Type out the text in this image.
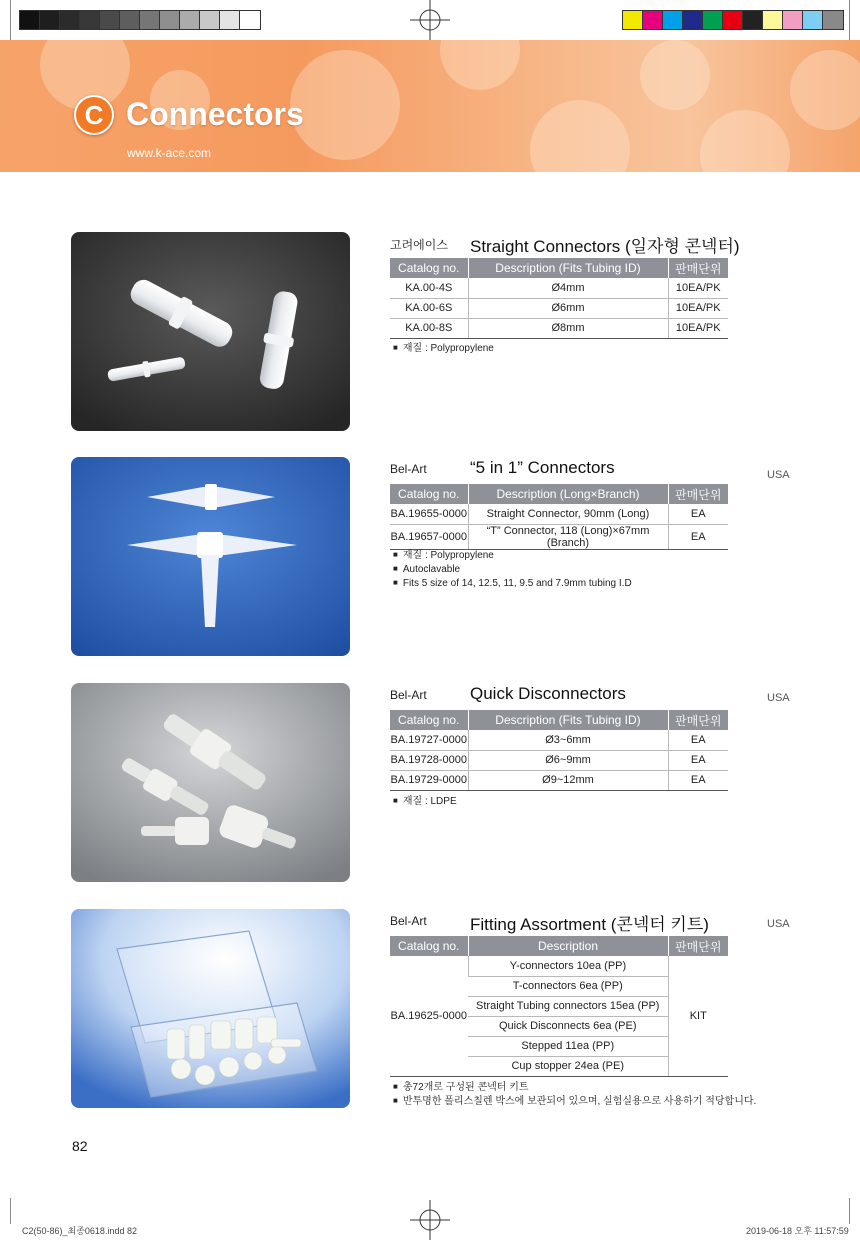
C Connectors
www.k-ace.com
고려에이스 Straight Connectors (일자형 콘넥터)
Catalog no.	Description (Fits Tubing ID)	판매단위
KA.00-4S	Ø4mm	10EA/PK
KA.00-6S	Ø6mm	10EA/PK
KA.00-8S	Ø8mm	10EA/PK
■ 재질 : Polypropylene
Bel-Art	“5 in 1” Connectors	USA
Catalog no.	Description (Long×Branch)	판매단위
BA.19655-0000	Straight Connector, 90mm (Long)	EA
BA.19657-0000	“T” Connector, 118 (Long)×67mm (Branch)	EA
■ 재질 : Polypropylene
■ Autoclavable
■ Fits 5 size of 14, 12.5, 11, 9.5 and 7.9mm tubing I.D
Bel-Art	Quick Disconnectors	USA
Catalog no.	Description (Fits Tubing ID)	판매단위
BA.19727-0000	Ø3~6mm	EA
BA.19728-0000	Ø6~9mm	EA
BA.19729-0000	Ø9~12mm	EA
■ 재질 : LDPE
Bel-Art	Fitting Assortment (콘넥터 키트)	USA
Catalog no.	Description	판매단위
BA.19625-0000	Y-connectors 10ea (PP)	KIT
	T-connectors 6ea (PP)	
	Straight Tubing connectors 15ea (PP)	
	Quick Disconnects 6ea (PE)	
	Stepped 11ea (PP)	
	Cup stopper 24ea (PE)	
■ 총72개로 구성된 콘넥터 키트
■ 반투명한 폴리스칠렌 박스에 보관되어 있으며, 실험실용으로 사용하기 적당합니다.
82
C2(50-86)_최종0618.indd 82	2019-06-18 오후 11:57:59
